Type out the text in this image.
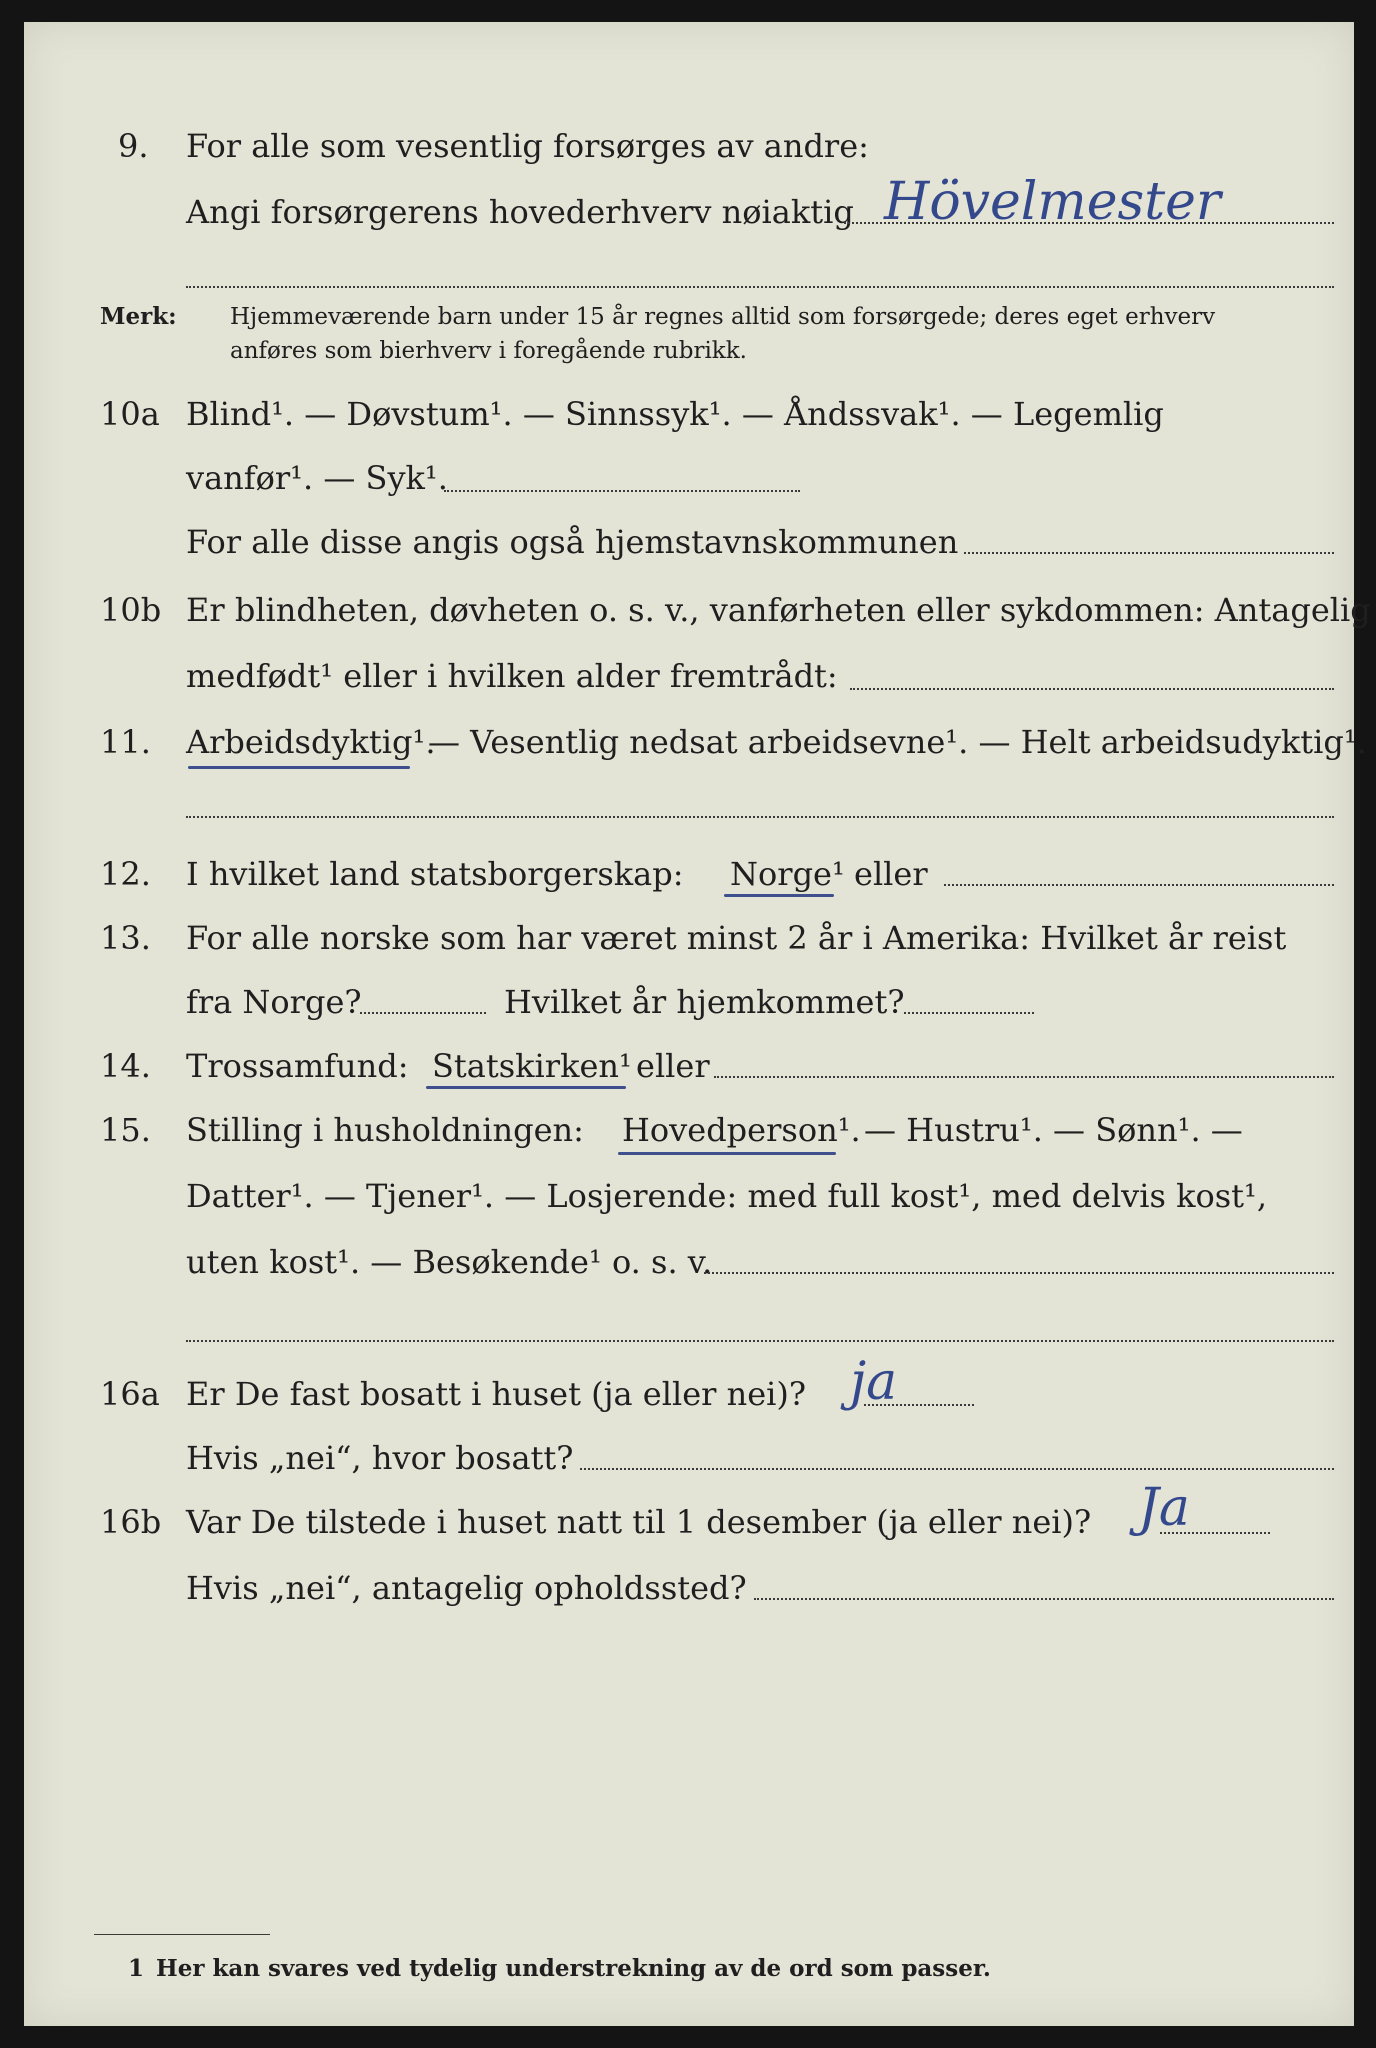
9. For alle som vesentlig forsørges av andre:
Angi forsørgerens hovederhverv nøiaktig Hövelmester
Merk: Hjemmeværende barn under 15 år regnes alltid som forsørgede; deres eget erhverv
anføres som bierhverv i foregående rubrikk.
10a Blind¹. — Døvstum¹. — Sinnssyk¹. — Åndssvak¹. — Legemlig
vanfør¹. — Syk¹.
For alle disse angis også hjemstavnskommunen
10b Er blindheten, døvheten o. s. v., vanførheten eller sykdommen: Antagelig
medfødt¹ eller i hvilken alder fremtrådt:
11. Arbeidsdyktig¹.
— Vesentlig nedsat arbeidsevne¹. — Helt arbeidsudyktig¹.
12. I hvilket land statsborgerskap: Norge¹ eller
13. For alle norske som har været minst 2 år i Amerika: Hvilket år reist
fra Norge?	Hvilket år hjemkommet?
14. Trossamfund: Statskirken¹ eller
15. Stilling i husholdningen: Hovedperson¹. — Hustru¹. — Sønn¹. —
Datter¹. — Tjener¹. — Losjerende: med full kost¹, med delvis kost¹,
uten kost¹. — Besøkende¹ o. s. v.
16a Er De fast bosatt i huset (ja eller nei)? ja
Hvis „nei“, hvor bosatt?
16b Var De tilstede i huset natt til 1 desember (ja eller nei)? Ja
Hvis „nei“, antagelig opholdssted?
1 Her kan svares ved tydelig understrekning av de ord som passer.
